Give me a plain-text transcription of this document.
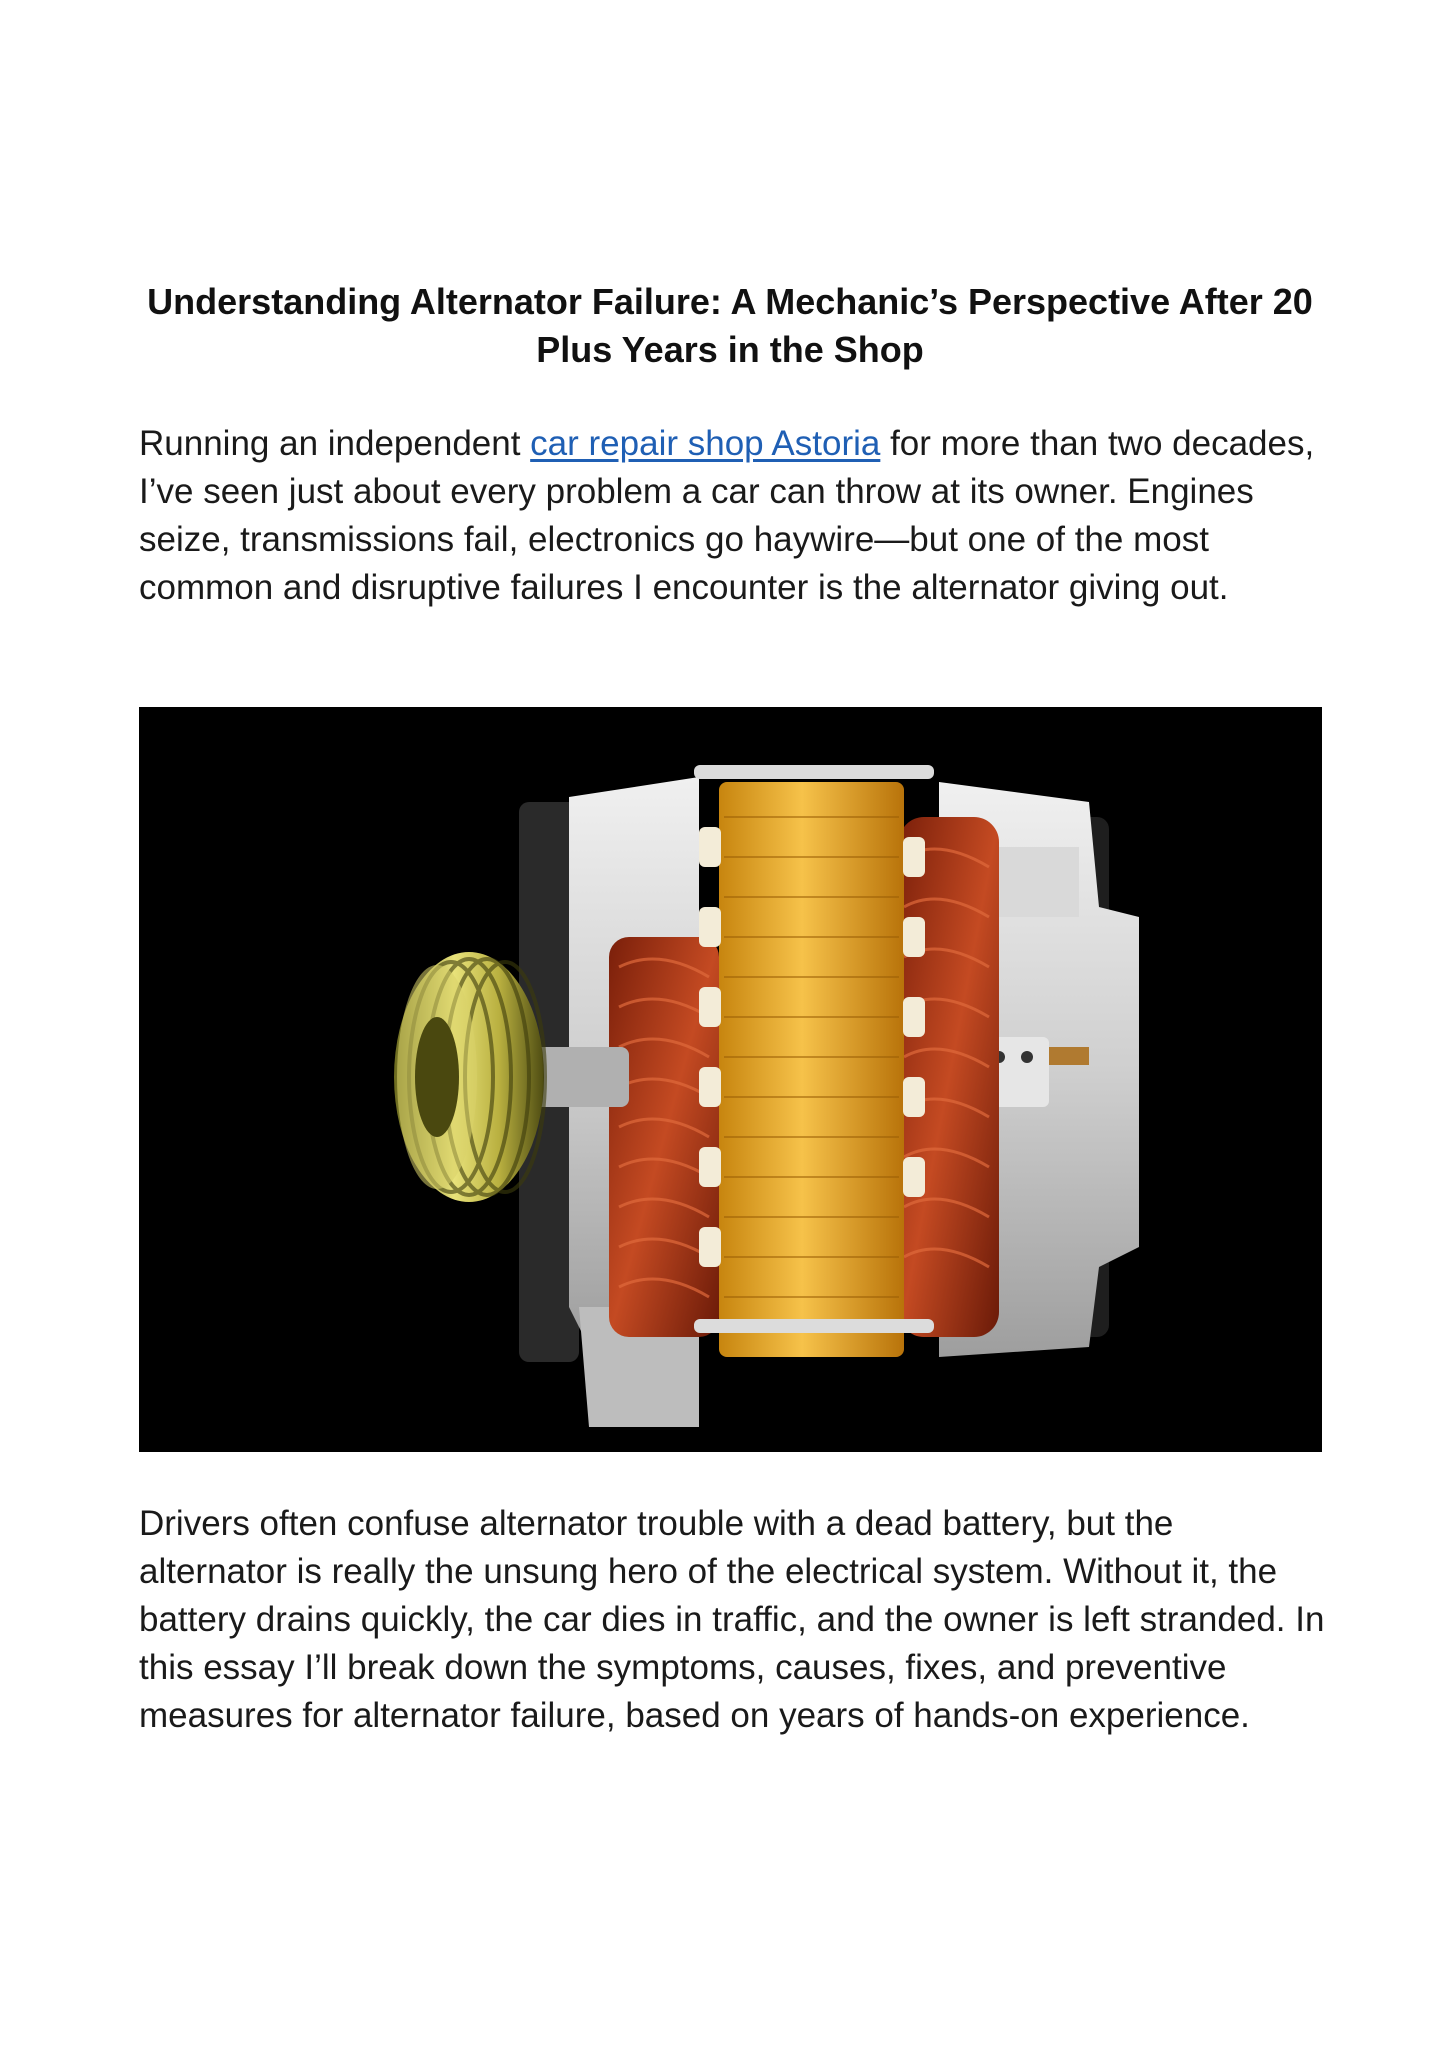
Understanding Alternator Failure: A Mechanic’s Perspective After 20 Plus Years in the Shop

Running an independent car repair shop Astoria for more than two decades, I’ve seen just about every problem a car can throw at its owner. Engines seize, transmissions fail, electronics go haywire—but one of the most common and disruptive failures I encounter is the alternator giving out.

Drivers often confuse alternator trouble with a dead battery, but the alternator is really the unsung hero of the electrical system. Without it, the battery drains quickly, the car dies in traffic, and the owner is left stranded. In this essay I’ll break down the symptoms, causes, fixes, and preventive measures for alternator failure, based on years of hands-on experience.
